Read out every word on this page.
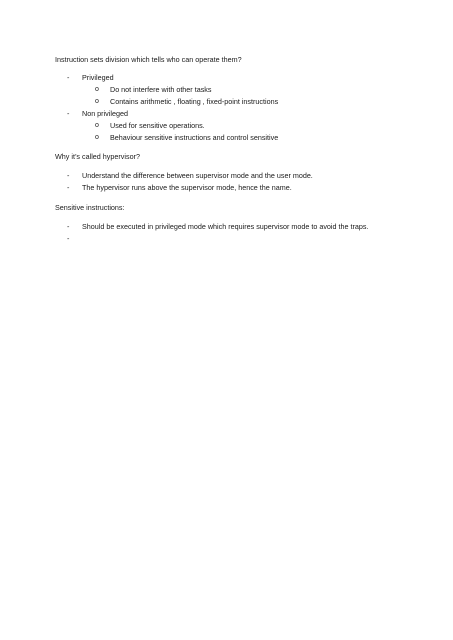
Instruction sets division which tells who can operate them?
- Privileged
o Do not interfere with other tasks
o Contains arithmetic , floating , fixed-point instructions
- Non privileged
o Used for sensitive operations.
o Behaviour sensitive instructions and control sensitive
Why it’s called hypervisor?
- Understand the difference between supervisor mode and the user mode.
- The hypervisor runs above the supervisor mode, hence the name.
Sensitive instructions:
- Should be executed in privileged mode which requires supervisor mode to avoid the traps.
-
